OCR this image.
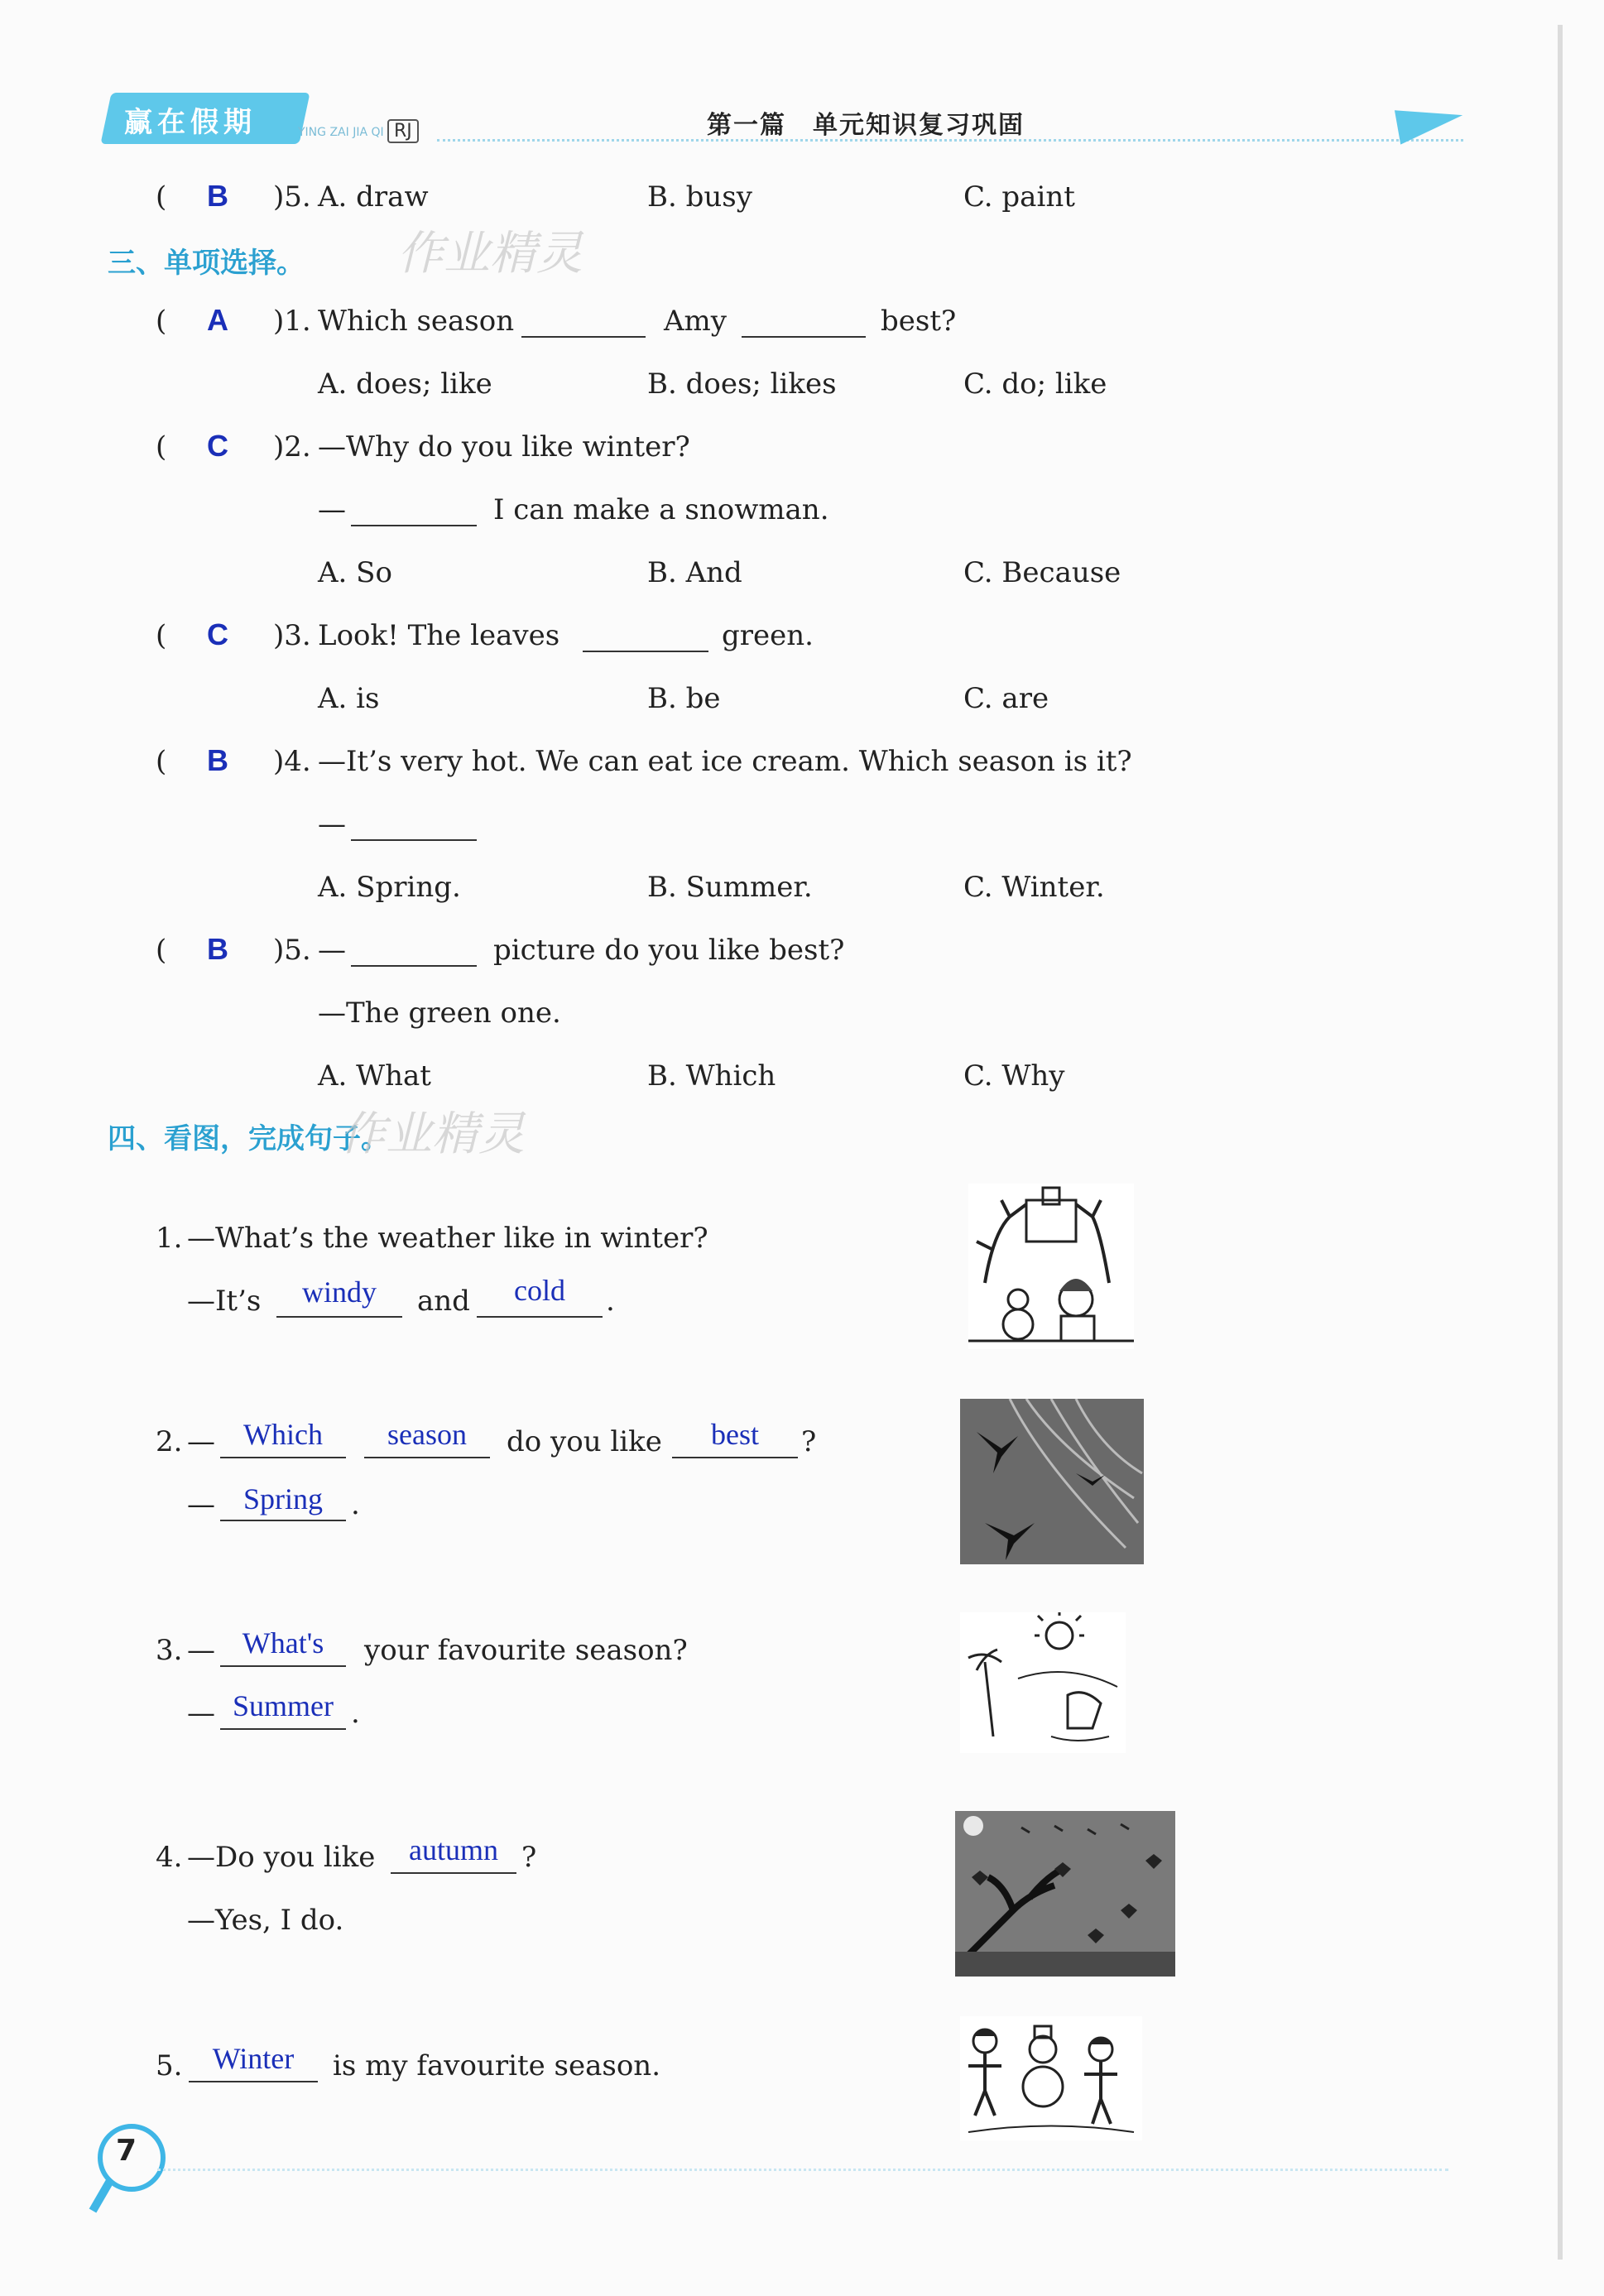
赢在假期	YING ZAI JIA QI RJ	第一篇　单元知识复习巩固
( B )5. A. draw	B. busy	C. paint
三、单项选择。 作业精灵
( A )1. Which season	Amy	best?
A. does; like	B. does; likes	C. do; like
( C )2. —Why do you like winter?
—	I can make a snowman.
A. So	B. And	C. Because
( C )3. Look! The leaves	green.
A. is	B. be	C. are
( B )4. —It’s very hot. We can eat ice cream. Which season is it?
—
A. Spring.	B. Summer.	C. Winter.
( B )5. —	picture do you like best?
—The green one.
A. What	B. Which	C. Why
四、看图，完成句子。
作业精灵
1. —What’s the weather like in winter?
—It’s	windy	and	cold	.
2. — Which	season	do you like	best	?
— Spring	.
3. — What's	your favourite season?
— Summer .
4. —Do you like	autumn ?
—Yes, I do.
5.	Winter	is my favourite season.
7
